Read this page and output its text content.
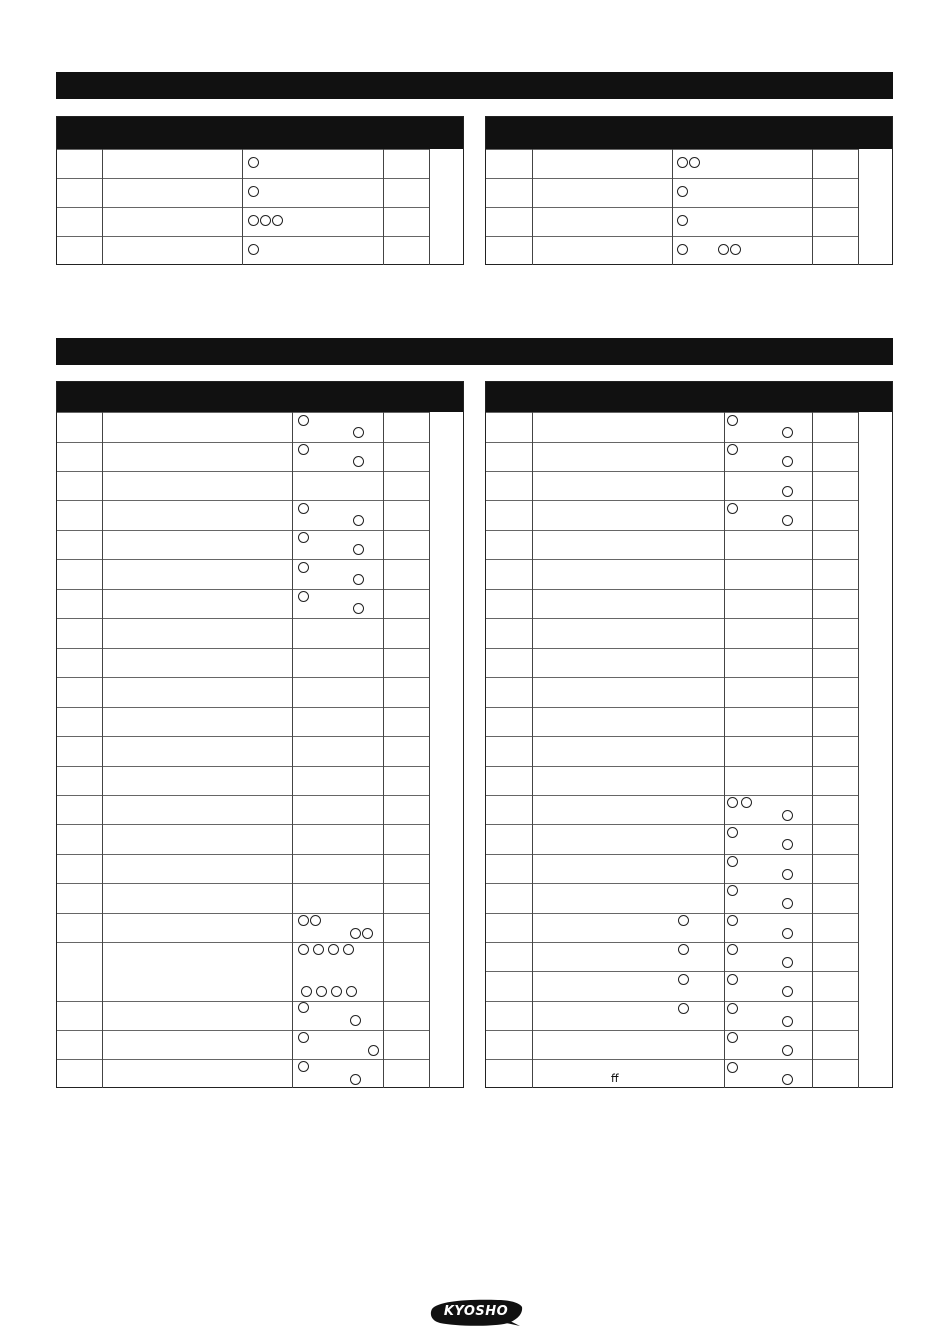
ﬀ
KYOSHO
